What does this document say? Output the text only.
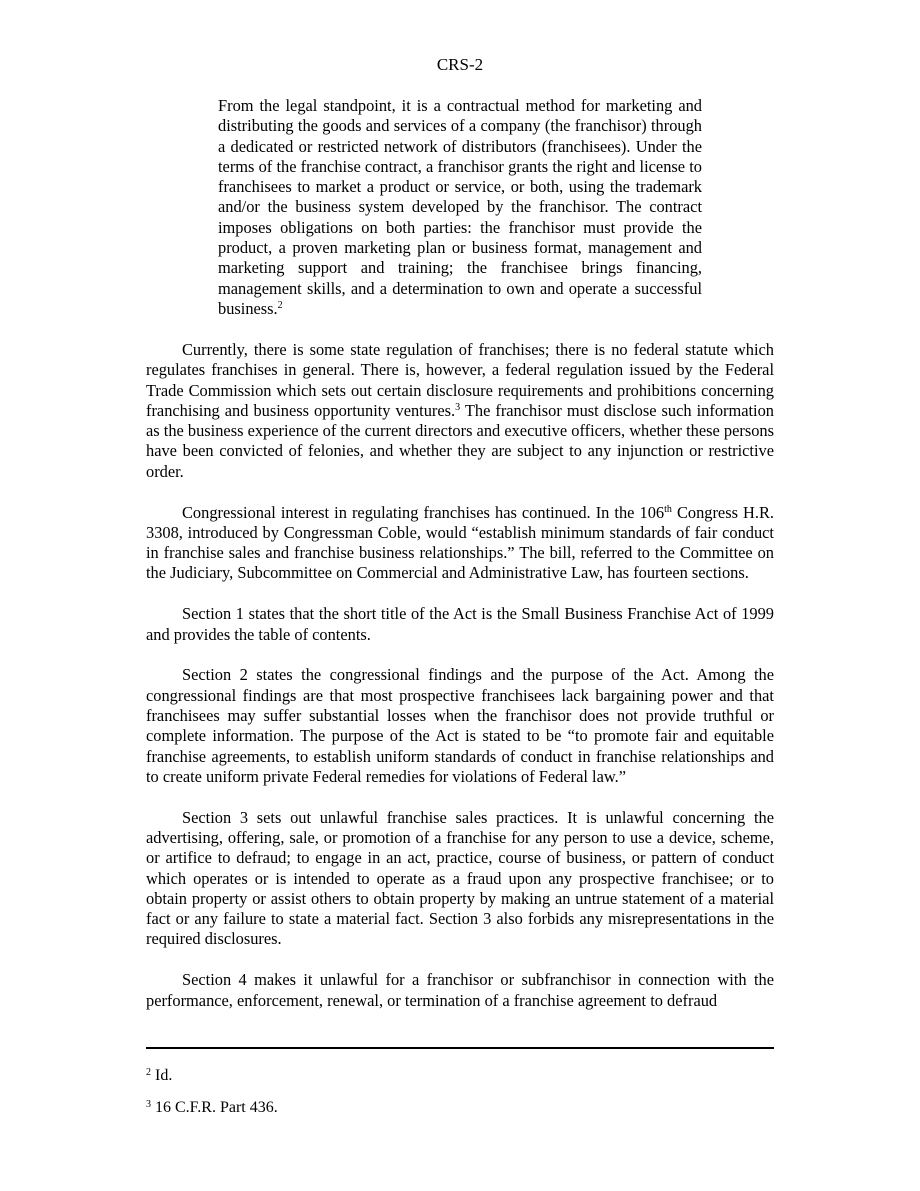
CRS-2
From the legal standpoint, it is a contractual method for marketing and distributing the goods and services of a company (the franchisor) through a dedicated or restricted network of distributors (franchisees). Under the terms of the franchise contract, a franchisor grants the right and license to franchisees to market a product or service, or both, using the trademark and/or the business system developed by the franchisor. The contract imposes obligations on both parties: the franchisor must provide the product, a proven marketing plan or business format, management and marketing support and training; the franchisee brings financing, management skills, and a determination to own and operate a successful business.$^2$

Currently, there is some state regulation of franchises; there is no federal statute which regulates franchises in general. There is, however, a federal regulation issued by the Federal Trade Commission which sets out certain disclosure requirements and prohibitions concerning franchising and business opportunity ventures.$^3$ The franchisor must disclose such information as the business experience of the current directors and executive officers, whether these persons have been convicted of felonies, and whether they are subject to any injunction or restrictive order.

Congressional interest in regulating franchises has continued. In the 106th Congress H.R. 3308, introduced by Congressman Coble, would “establish minimum standards of fair conduct in franchise sales and franchise business relationships.” The bill, referred to the Committee on the Judiciary, Subcommittee on Commercial and Administrative Law, has fourteen sections.

Section 1 states that the short title of the Act is the Small Business Franchise Act of 1999 and provides the table of contents.

Section 2 states the congressional findings and the purpose of the Act. Among the congressional findings are that most prospective franchisees lack bargaining power and that franchisees may suffer substantial losses when the franchisor does not provide truthful or complete information. The purpose of the Act is stated to be “to promote fair and equitable franchise agreements, to establish uniform standards of conduct in franchise relationships and to create uniform private Federal remedies for violations of Federal law.”

Section 3 sets out unlawful franchise sales practices. It is unlawful concerning the advertising, offering, sale, or promotion of a franchise for any person to use a device, scheme, or artifice to defraud; to engage in an act, practice, course of business, or pattern of conduct which operates or is intended to operate as a fraud upon any prospective franchisee; or to obtain property or assist others to obtain property by making an untrue statement of a material fact or any failure to state a material fact. Section 3 also forbids any misrepresentations in the required disclosures.

Section 4 makes it unlawful for a franchisor or subfranchisor in connection with the performance, enforcement, renewal, or termination of a franchise agreement to defraud

$^2$ Id.
$^3$ 16 C.F.R. Part 436.
